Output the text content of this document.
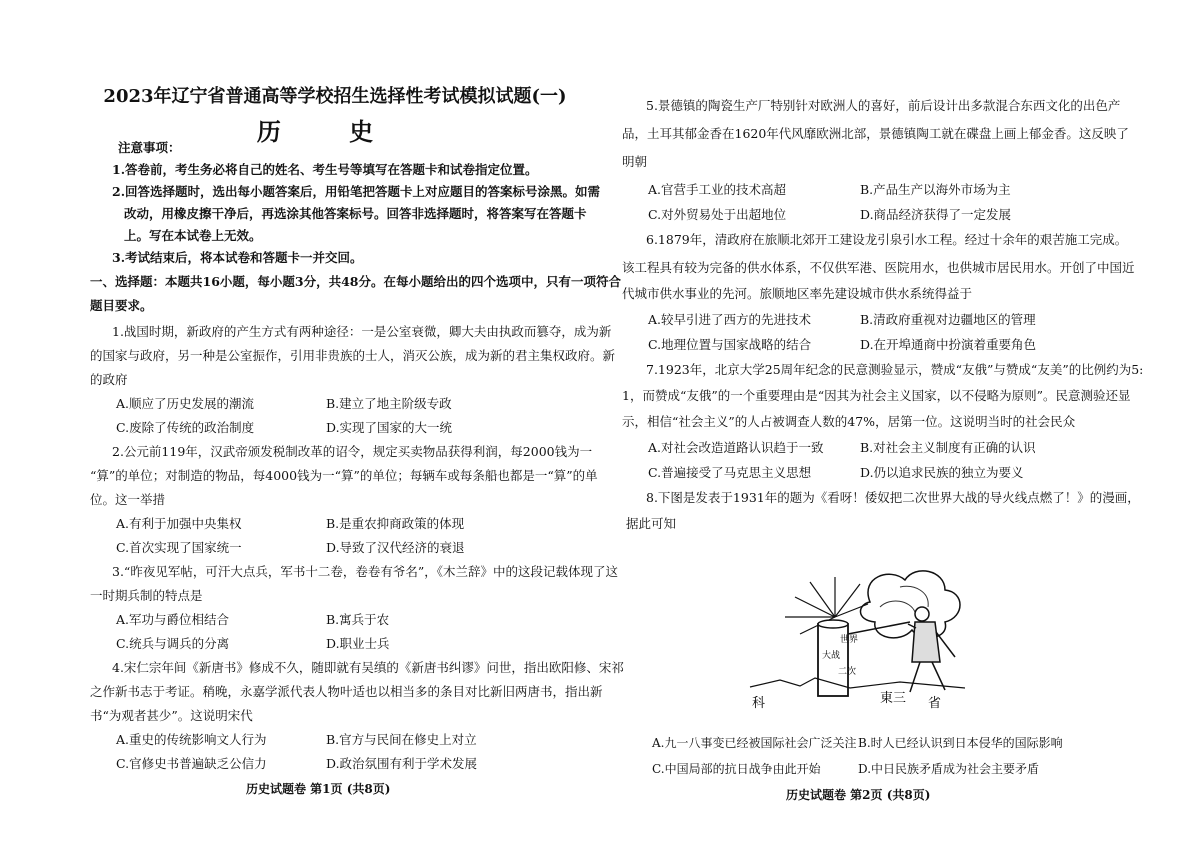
2023年辽宁省普通高等学校招生选择性考试模拟试题(一)
历 史
注意事项：
1.答卷前，考生务必将自己的姓名、考生号等填写在答题卡和试卷指定位置。
2.回答选择题时，选出每小题答案后，用铅笔把答题卡上对应题目的答案标号涂黑。如需
改动，用橡皮擦干净后，再选涂其他答案标号。回答非选择题时，将答案写在答题卡
上。写在本试卷上无效。
3.考试结束后，将本试卷和答题卡一并交回。
一、选择题：本题共16小题，每小题3分，共48分。在每小题给出的四个选项中，只有一项符合
题目要求。
1.战国时期，新政府的产生方式有两种途径：一是公室衰微，卿大夫由执政而篡夺，成为新
的国家与政府，另一种是公室振作，引用非贵族的士人，消灭公族，成为新的君主集权政府。新
的政府
A.顺应了历史发展的潮流	B.建立了地主阶级专政
C.废除了传统的政治制度	D.实现了国家的大一统
2.公元前119年，汉武帝颁发税制改革的诏令，规定买卖物品获得利润，每2000钱为一
“算”的单位；对制造的物品，每4000钱为一“算”的单位；每辆车或每条船也都是一“算”的单
位。这一举措
A.有利于加强中央集权	B.是重农抑商政策的体现
C.首次实现了国家统一	D.导致了汉代经济的衰退
3.“昨夜见军帖，可汗大点兵，军书十二卷，卷卷有爷名”，《木兰辞》中的这段记载体现了这
一时期兵制的特点是
A.军功与爵位相结合	B.寓兵于农
C.统兵与调兵的分离	D.职业士兵
4.宋仁宗年间《新唐书》修成不久，随即就有吴缜的《新唐书纠谬》问世，指出欧阳修、宋祁
之作新书志于考证。稍晚，永嘉学派代表人物叶适也以相当多的条目对比新旧两唐书，指出新
书“为观者甚少”。这说明宋代
A.重史的传统影响文人行为	B.官方与民间在修史上对立
C.官修史书普遍缺乏公信力	D.政治氛围有利于学术发展
历史试题卷 第1页 (共8页)
5.景德镇的陶瓷生产厂特别针对欧洲人的喜好，前后设计出多款混合东西文化的出色产
品，土耳其郁金香在1620年代风靡欧洲北部，景德镇陶工就在碟盘上画上郁金香。这反映了
明朝
A.官营手工业的技术高超	B.产品生产以海外市场为主
C.对外贸易处于出超地位	D.商品经济获得了一定发展
6.1879年，清政府在旅顺北郊开工建设龙引泉引水工程。经过十余年的艰苦施工完成。
该工程具有较为完备的供水体系，不仅供军港、医院用水，也供城市居民用水。开创了中国近
代城市供水事业的先河。旅顺地区率先建设城市供水系统得益于
A.较早引进了西方的先进技术	B.清政府重视对边疆地区的管理
C.地理位置与国家战略的结合	D.在开埠通商中扮演着重要角色
7.1923年，北京大学25周年纪念的民意测验显示，赞成“友俄”与赞成“友美”的比例约为5:
1，而赞成“友俄”的一个重要理由是“因其为社会主义国家，以不侵略为原则”。民意测验还显
示，相信“社会主义”的人占被调查人数的47%，居第一位。这说明当时的社会民众
A.对社会改造道路认识趋于一致	B.对社会主义制度有正确的认识
C.普遍接受了马克思主义思想	D.仍以追求民族的独立为要义
8.下图是发表于1931年的题为《看呀！倭奴把二次世界大战的导火线点燃了！》的漫画，
据此可知
世界
大战
二次
科	東三 省
A.九一八事变已经被国际社会广泛关注 B.时人已经认识到日本侵华的国际影响
C.中国局部的抗日战争由此开始	D.中日民族矛盾成为社会主要矛盾
历史试题卷 第2页 (共8页)
